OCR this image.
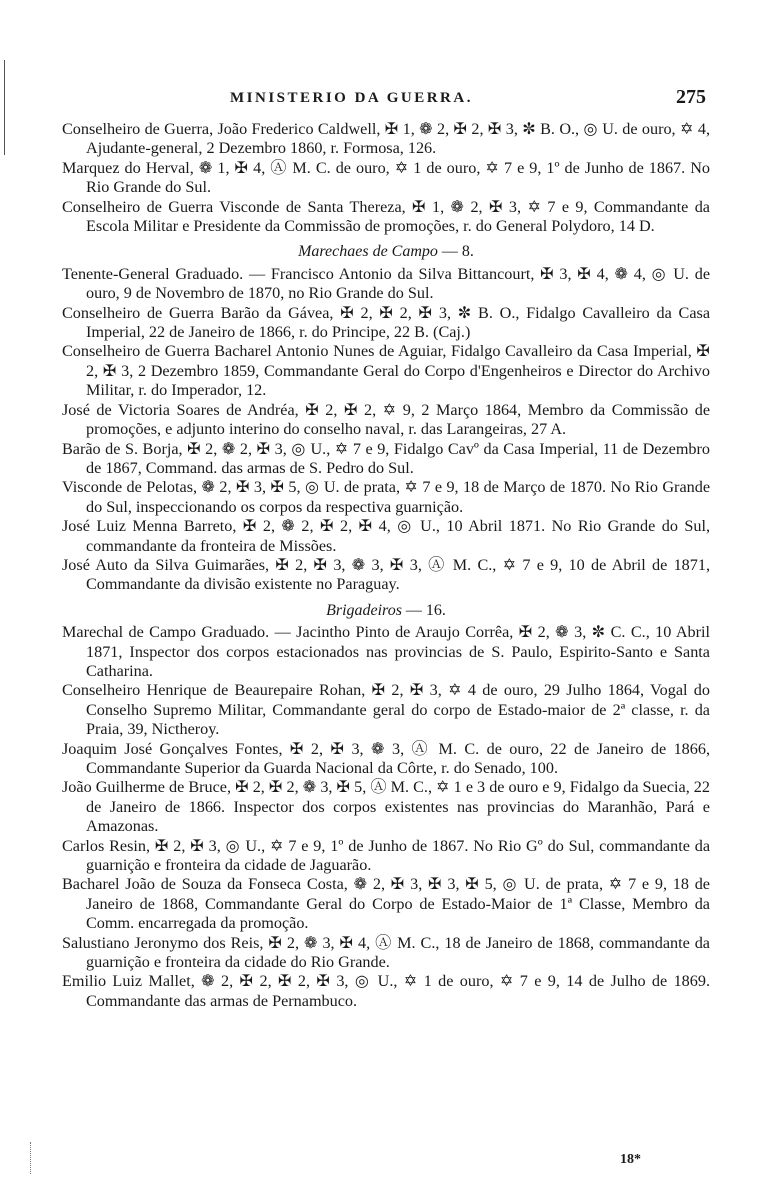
MINISTERIO DA GUERRA.	275

Conselheiro de Guerra, João Frederico Caldwell, ✠ 1, ❁ 2, ✠ 2, ✠ 3, ✼ B. O., ◎ U. de ouro, ✡ 4, Ajudante-general, 2 Dezembro 1860, r. Formosa, 126.

Marquez do Herval, ❁ 1, ✠ 4, Ⓐ M. C. de ouro, ✡ 1 de ouro, ✡ 7 e 9, 1º de Junho de 1867. No Rio Grande do Sul.

Conselheiro de Guerra Visconde de Santa Thereza, ✠ 1, ❁ 2, ✠ 3, ✡ 7 e 9, Commandante da Escola Militar e Presidente da Commissão de promoções, r. do General Polydoro, 14 D.

Marechaes de Campo — 8.

Tenente-General Graduado. — Francisco Antonio da Silva Bittancourt, ✠ 3, ✠ 4, ❁ 4, ◎ U. de ouro, 9 de Novembro de 1870, no Rio Grande do Sul.

Conselheiro de Guerra Barão da Gávea, ✠ 2, ✠ 2, ✠ 3, ✼ B. O., Fidalgo Cavalleiro da Casa Imperial, 22 de Janeiro de 1866, r. do Principe, 22 B. (Caj.)

Conselheiro de Guerra Bacharel Antonio Nunes de Aguiar, Fidalgo Cavalleiro da Casa Imperial, ✠ 2, ✠ 3, 2 Dezembro 1859, Commandante Geral do Corpo d'Engenheiros e Director do Archivo Militar, r. do Imperador, 12.

José de Victoria Soares de Andréa, ✠ 2, ✠ 2, ✡ 9, 2 Março 1864, Membro da Commissão de promoções, e adjunto interino do conselho naval, r. das Larangeiras, 27 A.

Barão de S. Borja, ✠ 2, ❁ 2, ✠ 3, ◎ U., ✡ 7 e 9, Fidalgo Cavº da Casa Imperial, 11 de Dezembro de 1867, Command. das armas de S. Pedro do Sul.

Visconde de Pelotas, ❁ 2, ✠ 3, ✠ 5, ◎ U. de prata, ✡ 7 e 9, 18 de Março de 1870. No Rio Grande do Sul, inspeccionando os corpos da respectiva guarnição.

José Luiz Menna Barreto, ✠ 2, ❁ 2, ✠ 2, ✠ 4, ◎ U., 10 Abril 1871. No Rio Grande do Sul, commandante da fronteira de Missões.

José Auto da Silva Guimarães, ✠ 2, ✠ 3, ❁ 3, ✠ 3, Ⓐ M. C., ✡ 7 e 9, 10 de Abril de 1871, Commandante da divisão existente no Paraguay.

Brigadeiros — 16.

Marechal de Campo Graduado. — Jacintho Pinto de Araujo Corrêa, ✠ 2, ❁ 3, ✼ C. C., 10 Abril 1871, Inspector dos corpos estacionados nas provincias de S. Paulo, Espirito-Santo e Santa Catharina.

Conselheiro Henrique de Beaurepaire Rohan, ✠ 2, ✠ 3, ✡ 4 de ouro, 29 Julho 1864, Vogal do Conselho Supremo Militar, Commandante geral do corpo de Estado-maior de 2ª classe, r. da Praia, 39, Nictheroy.

Joaquim José Gonçalves Fontes, ✠ 2, ✠ 3, ❁ 3, Ⓐ M. C. de ouro, 22 de Janeiro de 1866, Commandante Superior da Guarda Nacional da Côrte, r. do Senado, 100.

João Guilherme de Bruce, ✠ 2, ✠ 2, ❁ 3, ✠ 5, Ⓐ M. C., ✡ 1 e 3 de ouro e 9, Fidalgo da Suecia, 22 de Janeiro de 1866. Inspector dos corpos existentes nas provincias do Maranhão, Pará e Amazonas.

Carlos Resin, ✠ 2, ✠ 3, ◎ U., ✡ 7 e 9, 1º de Junho de 1867. No Rio Gº do Sul, commandante da guarnição e fronteira da cidade de Jaguarão.

Bacharel João de Souza da Fonseca Costa, ❁ 2, ✠ 3, ✠ 3, ✠ 5, ◎ U. de prata, ✡ 7 e 9, 18 de Janeiro de 1868, Commandante Geral do Corpo de Estado-Maior de 1ª Classe, Membro da Comm. encarregada da promoção.

Salustiano Jeronymo dos Reis, ✠ 2, ❁ 3, ✠ 4, Ⓐ M. C., 18 de Janeiro de 1868, commandante da guarnição e fronteira da cidade do Rio Grande.

Emilio Luiz Mallet, ❁ 2, ✠ 2, ✠ 2, ✠ 3, ◎ U., ✡ 1 de ouro, ✡ 7 e 9, 14 de Julho de 1869. Commandante das armas de Pernambuco.

18*
